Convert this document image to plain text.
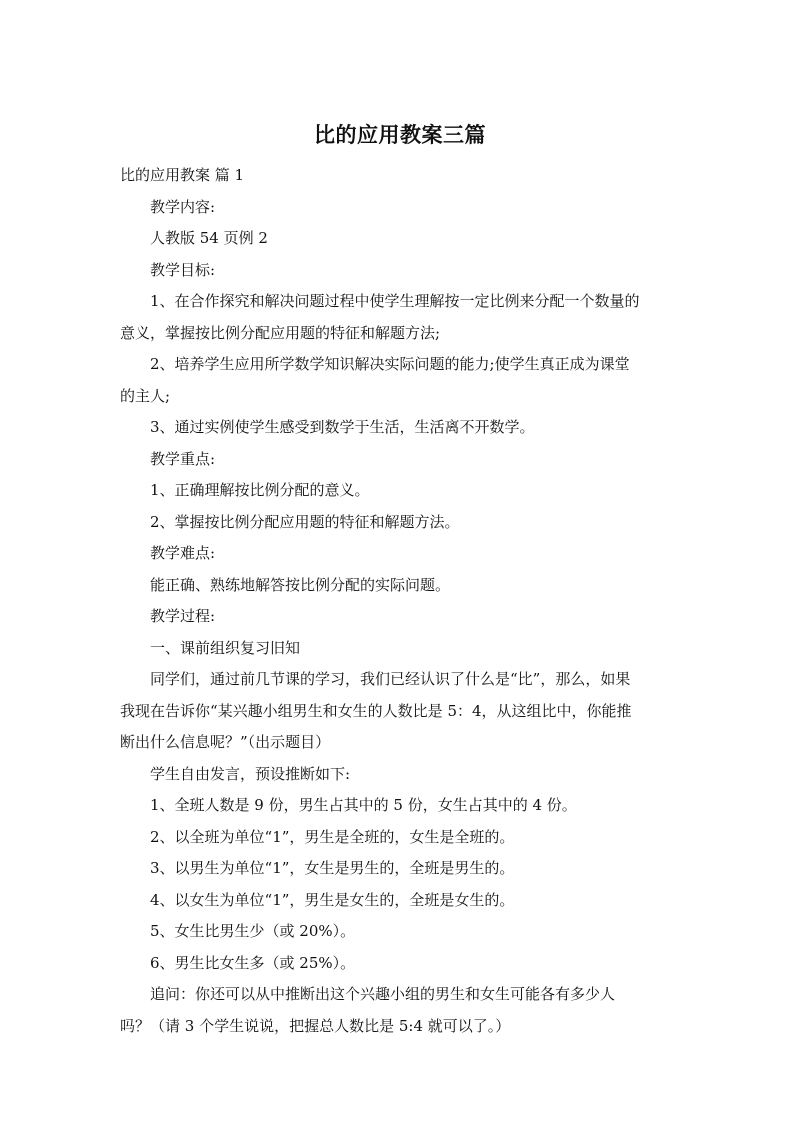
比的应用教案三篇

比的应用教案 篇 1

教学内容:

人教版 54 页例 2

教学目标:

1、在合作探究和解决问题过程中使学生理解按一定比例来分配一个数量的

意义，掌握按比例分配应用题的特征和解题方法;

2、培养学生应用所学数学知识解决实际问题的能力;使学生真正成为课堂

的主人;

3、通过实例使学生感受到数学于生活，生活离不开数学。

教学重点:

1、正确理解按比例分配的意义。

2、掌握按比例分配应用题的特征和解题方法。

教学难点:

能正确、熟练地解答按比例分配的实际问题。

教学过程:

一、课前组织复习旧知

同学们，通过前几节课的学习，我们已经认识了什么是“比”，那么，如果

我现在告诉你“某兴趣小组男生和女生的人数比是 5：4，从这组比中，你能推

断出什么信息呢？”（出示题目）

学生自由发言，预设推断如下:

1、全班人数是 9 份，男生占其中的 5 份，女生占其中的 4 份。

2、以全班为单位“1”，男生是全班的，女生是全班的。

3、以男生为单位“1”，女生是男生的，全班是男生的。

4、以女生为单位“1”，男生是女生的，全班是女生的。

5、女生比男生少（或 20%）。

6、男生比女生多（或 25%）。

追问：你还可以从中推断出这个兴趣小组的男生和女生可能各有多少人

吗？（请 3 个学生说说，把握总人数比是 5:4 就可以了。）
